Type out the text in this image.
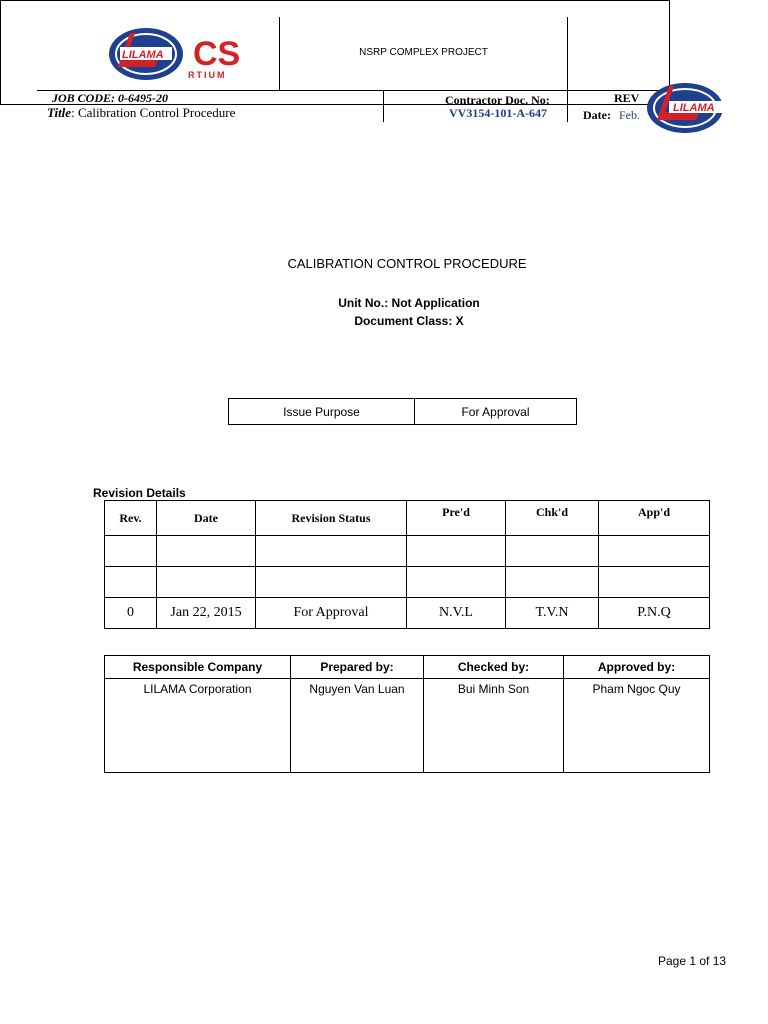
LILAMA CS
RTIUM
NSRP COMPLEX PROJECT
JOB CODE: 0-6495-20
Title: Calibration Control Procedure
Contractor Doc. No:
VV3154-101-A-647
REV
Date: Feb.	LILAMA
CALIBRATION CONTROL PROCEDURE
Unit No.: Not Application
Document Class: X
Issue Purpose	For Approval
Revision Details
Rev.	Date	Revision Status	Pre'd	Chk'd	App'd

0	Jan 22, 2015	For Approval	N.V.L	T.V.N	P.N.Q
Responsible Company	Prepared by:	Checked by:	Approved by:
LILAMA Corporation	Nguyen Van Luan	Bui Minh Son	Pham Ngoc Quy
Page 1 of 13
